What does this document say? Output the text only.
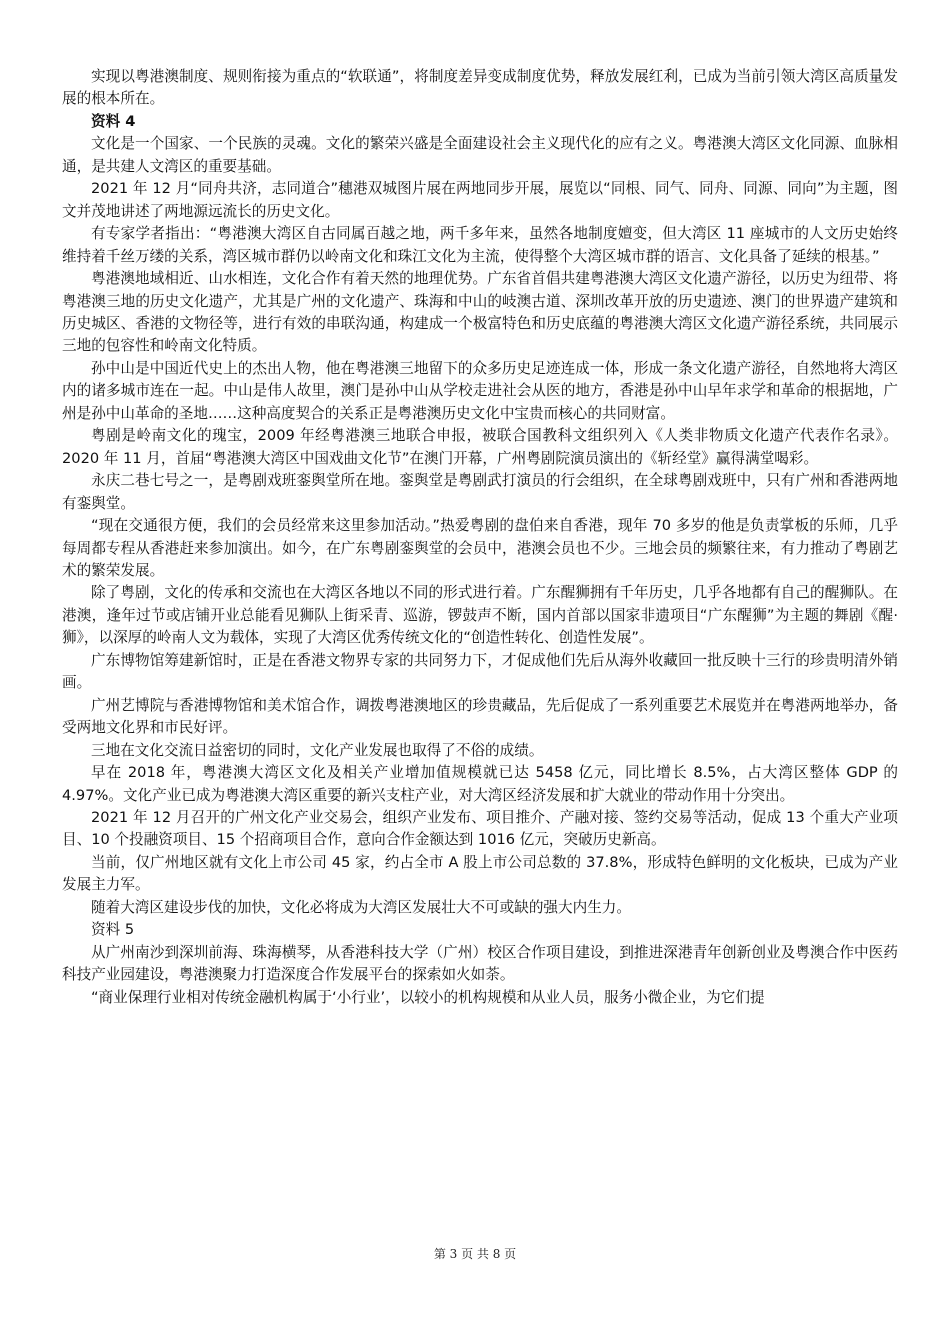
实现以粤港澳制度、规则衔接为重点的“软联通”，将制度差异变成制度优势，释放发展红利，已成为当前引领大湾区高质量发展的根本所在。

资料 4

文化是一个国家、一个民族的灵魂。文化的繁荣兴盛是全面建设社会主义现代化的应有之义。粤港澳大湾区文化同源、血脉相通，是共建人文湾区的重要基础。

2021 年 12 月“同舟共济，志同道合”穗港双城图片展在两地同步开展，展览以“同根、同气、同舟、同源、同向”为主题，图文并茂地讲述了两地源远流长的历史文化。

有专家学者指出：“粤港澳大湾区自古同属百越之地，两千多年来，虽然各地制度嬗变，但大湾区 11 座城市的人文历史始终维持着千丝万缕的关系，湾区城市群仍以岭南文化和珠江文化为主流，使得整个大湾区城市群的语言、文化具备了延续的根基。”

粤港澳地域相近、山水相连，文化合作有着天然的地理优势。广东省首倡共建粤港澳大湾区文化遗产游径，以历史为纽带、将粤港澳三地的历史文化遗产，尤其是广州的文化遗产、珠海和中山的岐澳古道、深圳改革开放的历史遗迹、澳门的世界遗产建筑和历史城区、香港的文物径等，进行有效的串联沟通，构建成一个极富特色和历史底蕴的粤港澳大湾区文化遗产游径系统，共同展示三地的包容性和岭南文化特质。

孙中山是中国近代史上的杰出人物，他在粤港澳三地留下的众多历史足迹连成一体，形成一条文化遗产游径，自然地将大湾区内的诸多城市连在一起。中山是伟人故里，澳门是孙中山从学校走进社会从医的地方，香港是孙中山早年求学和革命的根据地，广州是孙中山革命的圣地……这种高度契合的关系正是粤港澳历史文化中宝贵而核心的共同财富。

粤剧是岭南文化的瑰宝，2009 年经粤港澳三地联合申报，被联合国教科文组织列入《人类非物质文化遗产代表作名录》。2020 年 11 月，首届“粤港澳大湾区中国戏曲文化节”在澳门开幕，广州粤剧院演员演出的《斩经堂》赢得满堂喝彩。

永庆二巷七号之一，是粤剧戏班銮舆堂所在地。銮舆堂是粤剧武打演员的行会组织，在全球粤剧戏班中，只有广州和香港两地有銮舆堂。

“现在交通很方便，我们的会员经常来这里参加活动。”热爱粤剧的盘伯来自香港，现年 70 多岁的他是负责掌板的乐师，几乎每周都专程从香港赶来参加演出。如今，在广东粤剧銮舆堂的会员中，港澳会员也不少。三地会员的频繁往来，有力推动了粤剧艺术的繁荣发展。

除了粤剧，文化的传承和交流也在大湾区各地以不同的形式进行着。广东醒狮拥有千年历史，几乎各地都有自己的醒狮队。在港澳，逢年过节或店铺开业总能看见狮队上街采青、巡游，锣鼓声不断，国内首部以国家非遗项目“广东醒狮”为主题的舞剧《醒·狮》，以深厚的岭南人文为载体，实现了大湾区优秀传统文化的“创造性转化、创造性发展”。

广东博物馆筹建新馆时，正是在香港文物界专家的共同努力下，才促成他们先后从海外收藏回一批反映十三行的珍贵明清外销画。

广州艺博院与香港博物馆和美术馆合作，调拨粤港澳地区的珍贵藏品，先后促成了一系列重要艺术展览并在粤港两地举办，备受两地文化界和市民好评。

三地在文化交流日益密切的同时，文化产业发展也取得了不俗的成绩。

早在 2018 年，粤港澳大湾区文化及相关产业增加值规模就已达 5458 亿元，同比增长 8.5%，占大湾区整体 GDP 的 4.97%。文化产业已成为粤港澳大湾区重要的新兴支柱产业，对大湾区经济发展和扩大就业的带动作用十分突出。

2021 年 12 月召开的广州文化产业交易会，组织产业发布、项目推介、产融对接、签约交易等活动，促成 13 个重大产业项目、10 个投融资项目、15 个招商项目合作，意向合作金额达到 1016 亿元，突破历史新高。

当前，仅广州地区就有文化上市公司 45 家，约占全市 A 股上市公司总数的 37.8%，形成特色鲜明的文化板块，已成为产业发展主力军。

随着大湾区建设步伐的加快，文化必将成为大湾区发展壮大不可或缺的强大内生力。

资料 5

从广州南沙到深圳前海、珠海横琴，从香港科技大学（广州）校区合作项目建设，到推进深港青年创新创业及粤澳合作中医药科技产业园建设，粤港澳聚力打造深度合作发展平台的探索如火如荼。

“商业保理行业相对传统金融机构属于‘小行业’，以较小的机构规模和从业人员，服务小微企业，为它们提

第 3 页 共 8 页
